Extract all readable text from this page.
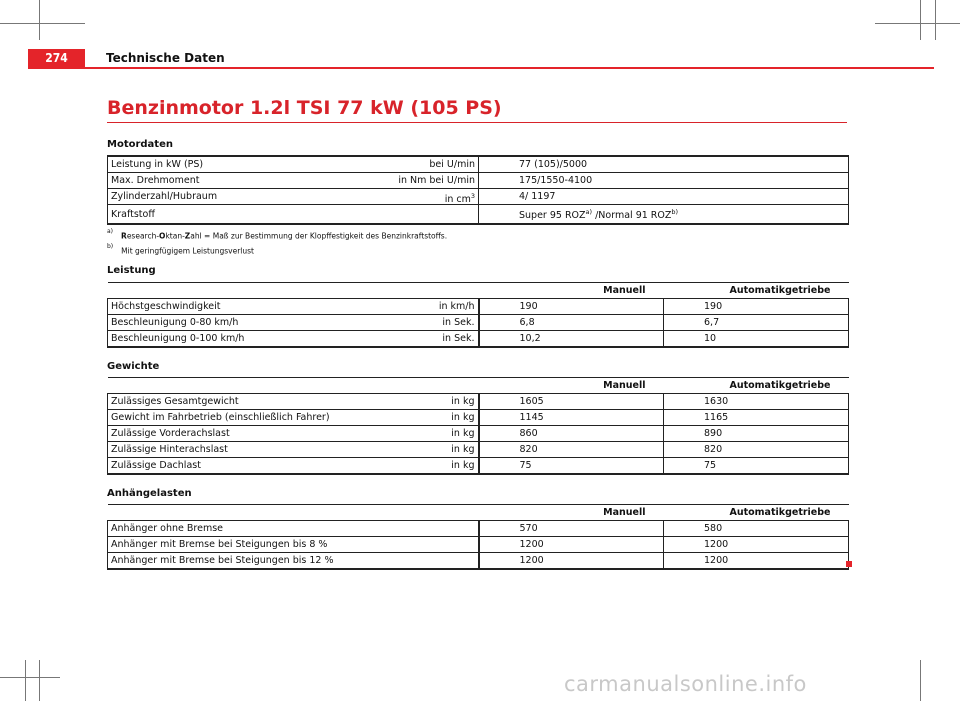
274	Technische Daten
Benzinmotor 1.2l TSI 77 kW (105 PS)
Motordaten
Leistung in kW (PS) bei U/min	77 (105)/5000
Max. Drehmoment in Nm bei U/min	175/1550-4100
Zylinderzahl/Hubraum in $cm^3$	4/ 1197
Kraftstoff	Super 95 ROZ$^{a)}$ /Normal 91 ROZ$^{b)}$
$^{a)}$ Research-Oktan-Zahl = Maß zur Bestimmung der Klopffestigkeit des Benzinkraftstoffs.
$^{b)}$ Mit geringfügigem Leistungsverlust
Leistung
	Manuell	Automatikgetriebe
Höchstgeschwindigkeit in km/h	190	190
Beschleunigung 0-80 km/h in Sek.	6,8	6,7
Beschleunigung 0-100 km/h in Sek.	10,2	10
Gewichte
	Manuell	Automatikgetriebe
Zulässiges Gesamtgewicht in kg	1605	1630
Gewicht im Fahrbetrieb (einschließlich Fahrer) in kg	1145	1165
Zulässige Vorderachslast in kg	860	890
Zulässige Hinterachslast in kg	820	820
Zulässige Dachlast in kg	75	75
Anhängelasten
	Manuell	Automatikgetriebe
Anhänger ohne Bremse	570	580
Anhänger mit Bremse bei Steigungen bis 8 %	1200	1200
Anhänger mit Bremse bei Steigungen bis 12 %	1200	1200
carmanualsonline.info
